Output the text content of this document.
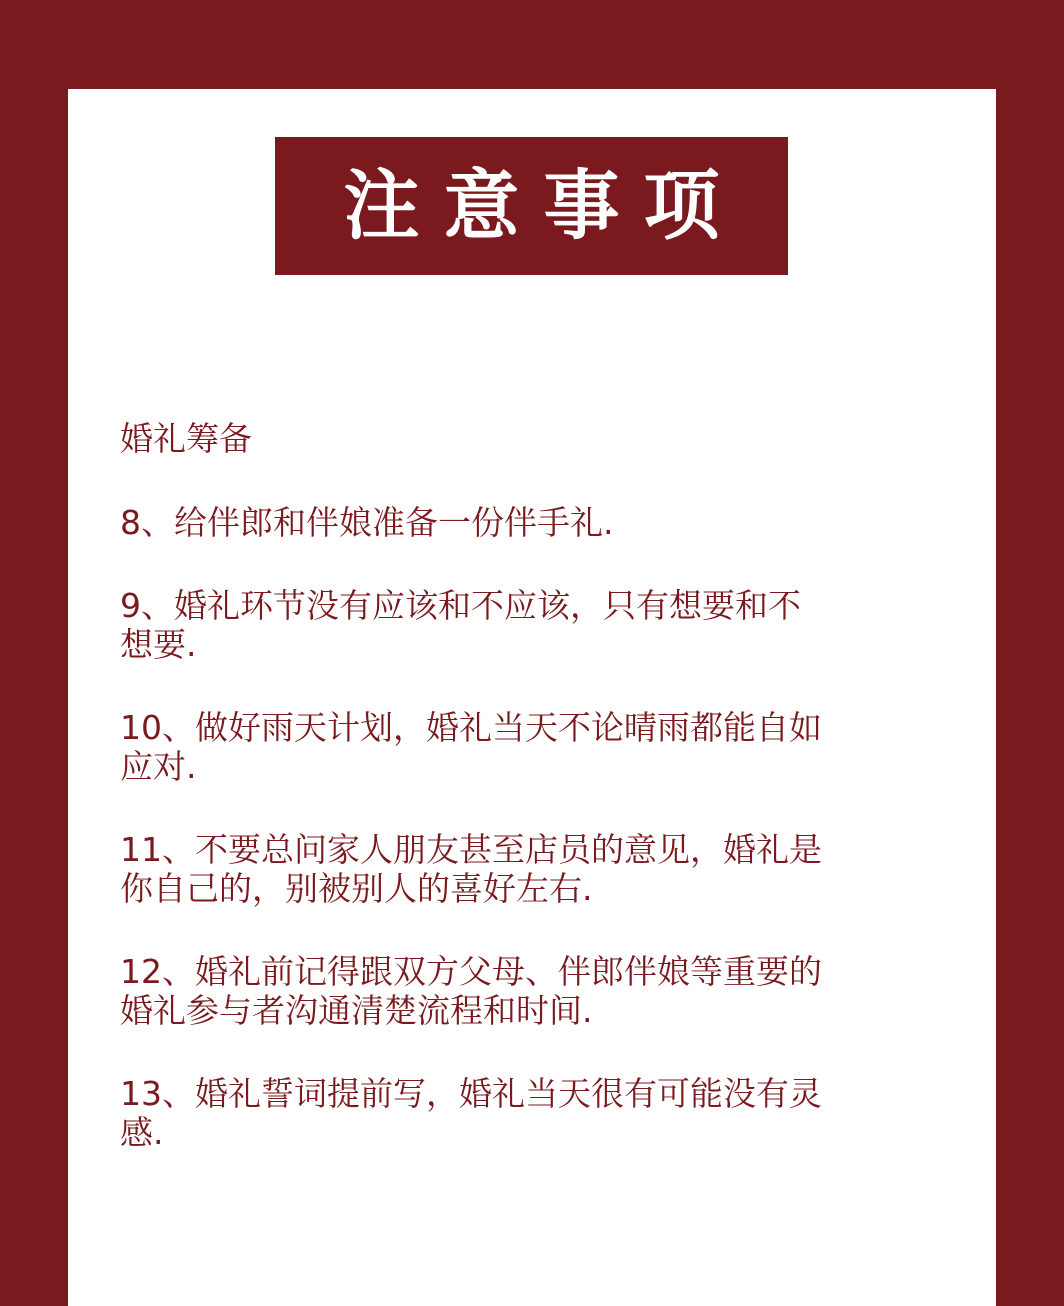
注意事项
婚礼筹备
8、给伴郎和伴娘准备一份伴手礼.
9、婚礼环节没有应该和不应该，只有想要和不
想要.
10、做好雨天计划，婚礼当天不论晴雨都能自如
应对.
11、不要总问家人朋友甚至店员的意见，婚礼是
你自己的，别被别人的喜好左右.
12、婚礼前记得跟双方父母、伴郎伴娘等重要的
婚礼参与者沟通清楚流程和时间.
13、婚礼誓词提前写，婚礼当天很有可能没有灵
感.
